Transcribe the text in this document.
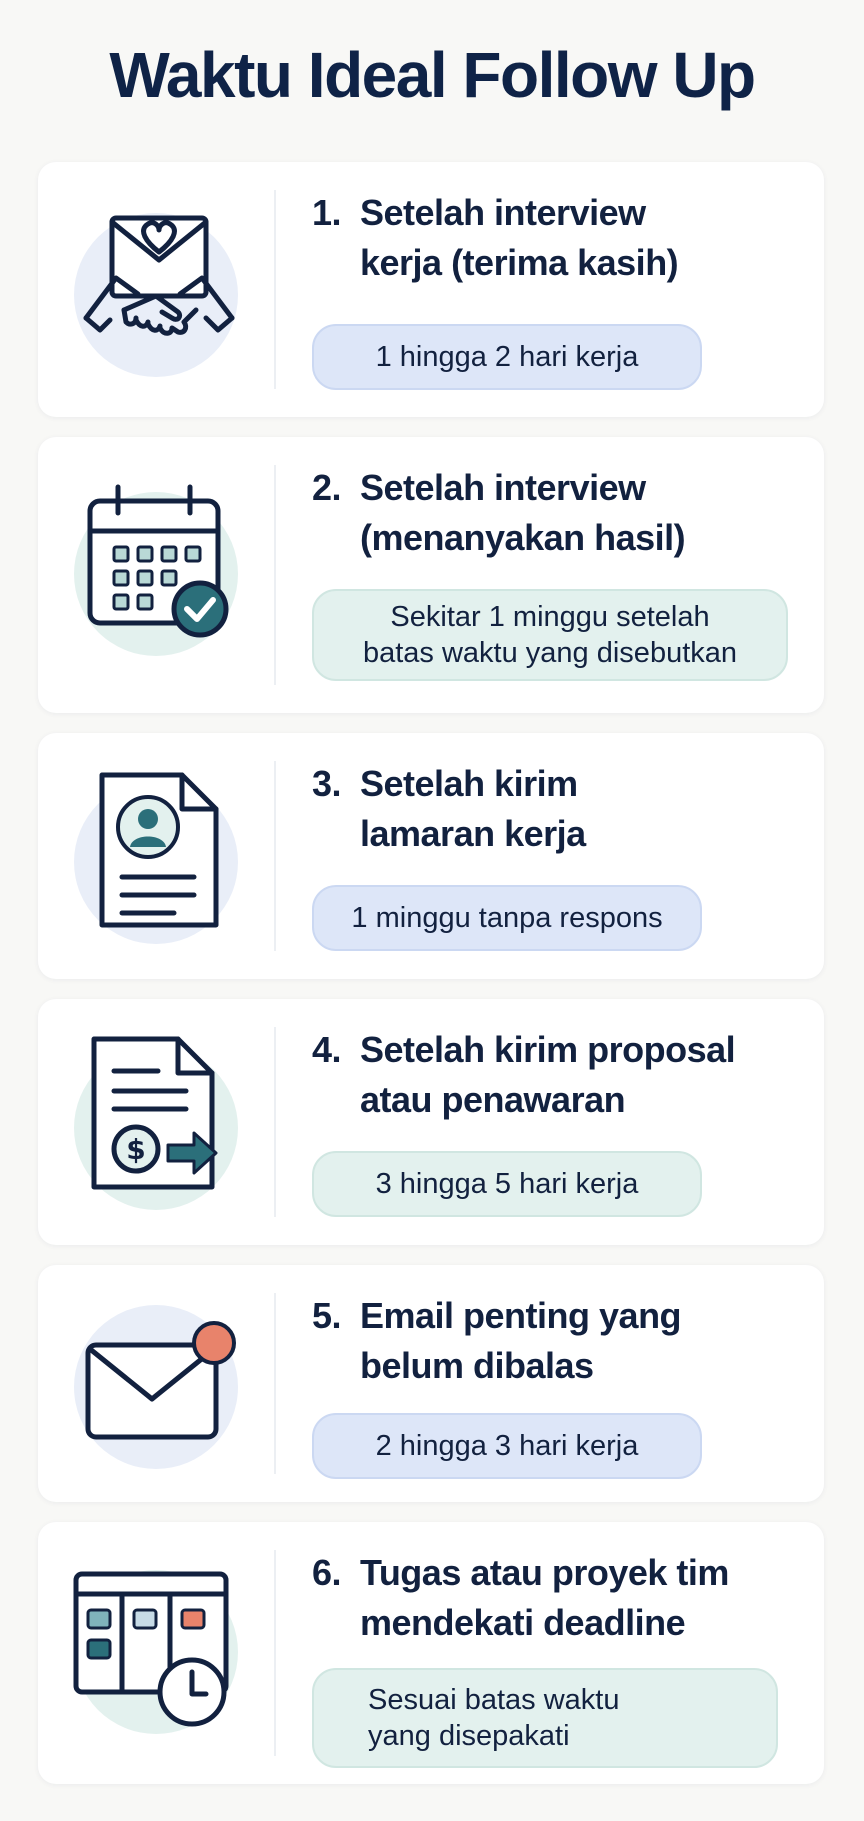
Waktu Ideal Follow Up
1. Setelah interview
kerja (terima kasih)
1 hingga 2 hari kerja
2. Setelah interview
(menanyakan hasil)
Sekitar 1 minggu setelah
batas waktu yang disebutkan
3. Setelah kirim
lamaran kerja
1 minggu tanpa respons
$
4. Setelah kirim proposal
atau penawaran
3 hingga 5 hari kerja
5. Email penting yang
belum dibalas
2 hingga 3 hari kerja
6. Tugas atau proyek tim
mendekati deadline
Sesuai batas waktu
yang disepakati
